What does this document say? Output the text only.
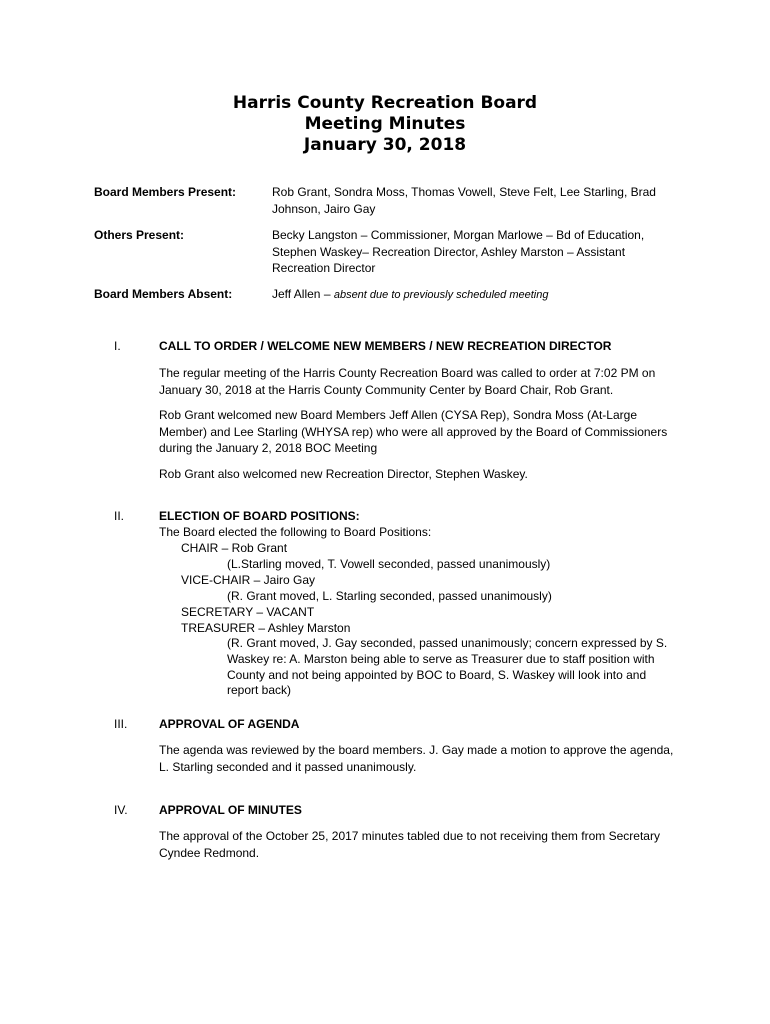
Harris County Recreation Board
Meeting Minutes
January 30, 2018
Board Members Present:	Rob Grant, Sondra Moss, Thomas Vowell, Steve Felt, Lee Starling, Brad Johnson, Jairo Gay
Others Present:	Becky Langston – Commissioner, Morgan Marlowe – Bd of Education, Stephen Waskey– Recreation Director, Ashley Marston – Assistant Recreation Director
Board Members Absent:	Jeff Allen – absent due to previously scheduled meeting
I.	CALL TO ORDER / WELCOME NEW MEMBERS / NEW RECREATION DIRECTOR
The regular meeting of the Harris County Recreation Board was called to order at 7:02 PM on January 30, 2018 at the Harris County Community Center by Board Chair, Rob Grant.
Rob Grant welcomed new Board Members Jeff Allen (CYSA Rep), Sondra Moss (At-Large Member) and Lee Starling (WHYSA rep) who were all approved by the Board of Commissioners during the January 2, 2018 BOC Meeting
Rob Grant also welcomed new Recreation Director, Stephen Waskey.
II.	ELECTION OF BOARD POSITIONS:
The Board elected the following to Board Positions:
CHAIR – Rob Grant
(L.Starling moved, T. Vowell seconded, passed unanimously)
VICE-CHAIR – Jairo Gay
(R. Grant moved, L. Starling seconded, passed unanimously)
SECRETARY – VACANT
TREASURER – Ashley Marston
(R. Grant moved, J. Gay seconded, passed unanimously; concern expressed by S. Waskey re: A. Marston being able to serve as Treasurer due to staff position with County and not being appointed by BOC to Board, S. Waskey will look into and report back)
III.	APPROVAL OF AGENDA
The agenda was reviewed by the board members. J. Gay made a motion to approve the agenda, L. Starling seconded and it passed unanimously.
IV.	APPROVAL OF MINUTES
The approval of the October 25, 2017 minutes tabled due to not receiving them from Secretary Cyndee Redmond.
